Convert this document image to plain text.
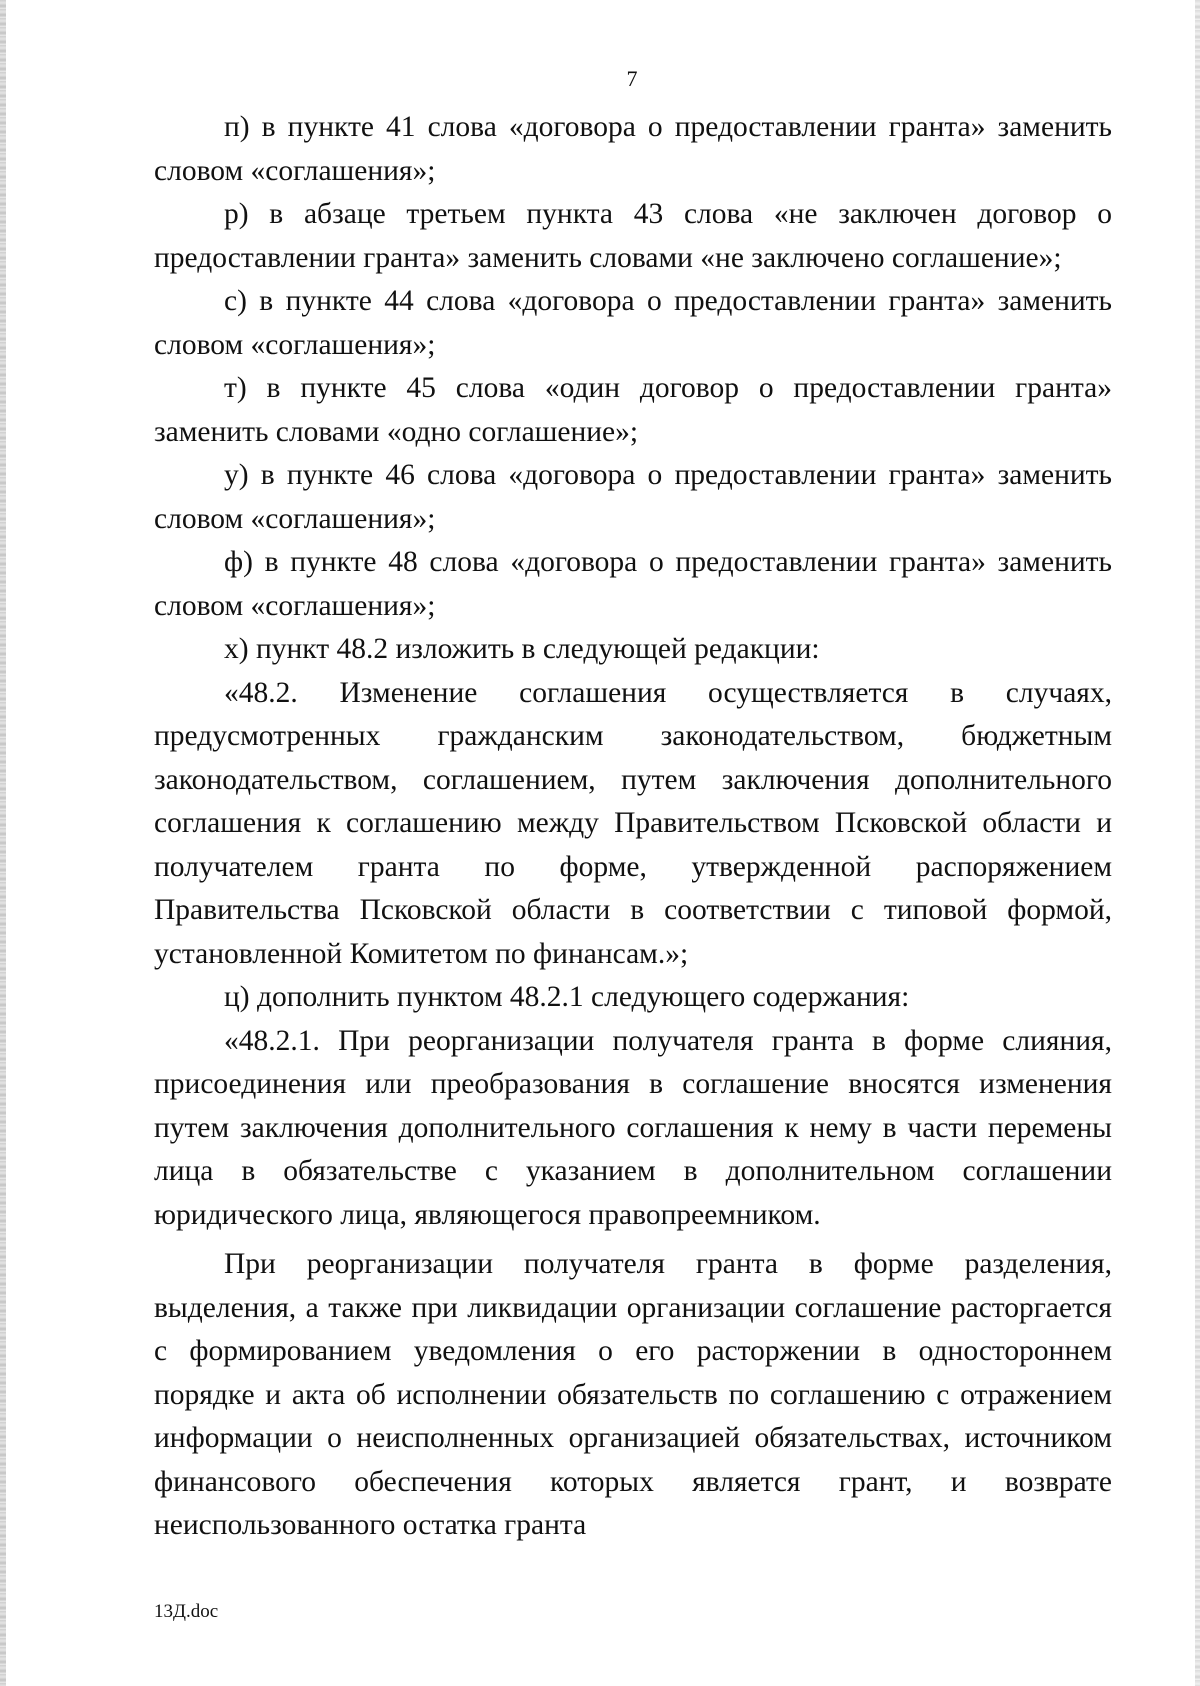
7

п) в пункте 41 слова «договора о предоставлении гранта» заменить словом «соглашения»;

р) в абзаце третьем пункта 43 слова «не заключен договор о предоставлении гранта» заменить словами «не заключено соглашение»;

с) в пункте 44 слова «договора о предоставлении гранта» заменить словом «соглашения»;

т) в пункте 45 слова «один договор о предоставлении гранта» заменить словами «одно соглашение»;

у) в пункте 46 слова «договора о предоставлении гранта» заменить словом «соглашения»;

ф) в пункте 48 слова «договора о предоставлении гранта» заменить словом «соглашения»;

х) пункт 48.2 изложить в следующей редакции:

«48.2. Изменение соглашения осуществляется в случаях, предусмотренных гражданским законодательством, бюджетным законодательством, соглашением, путем заключения дополнительного соглашения к соглашению между Правительством Псковской области и получателем гранта по форме, утвержденной распоряжением Правительства Псковской области в соответствии с типовой формой, установленной Комитетом по финансам.»;

ц) дополнить пунктом 48.2.1 следующего содержания:

«48.2.1. При реорганизации получателя гранта в форме слияния, присоединения или преобразования в соглашение вносятся изменения путем заключения дополнительного соглашения к нему в части перемены лица в обязательстве с указанием в дополнительном соглашении юридического лица, являющегося правопреемником.

При реорганизации получателя гранта в форме разделения, выделения, а также при ликвидации организации соглашение расторгается с формированием уведомления о его расторжении в одностороннем порядке и акта об исполнении обязательств по соглашению с отражением информации о неисполненных организацией обязательствах, источником финансового обеспечения которых является грант, и возврате неиспользованного остатка гранта

13Д.doc
